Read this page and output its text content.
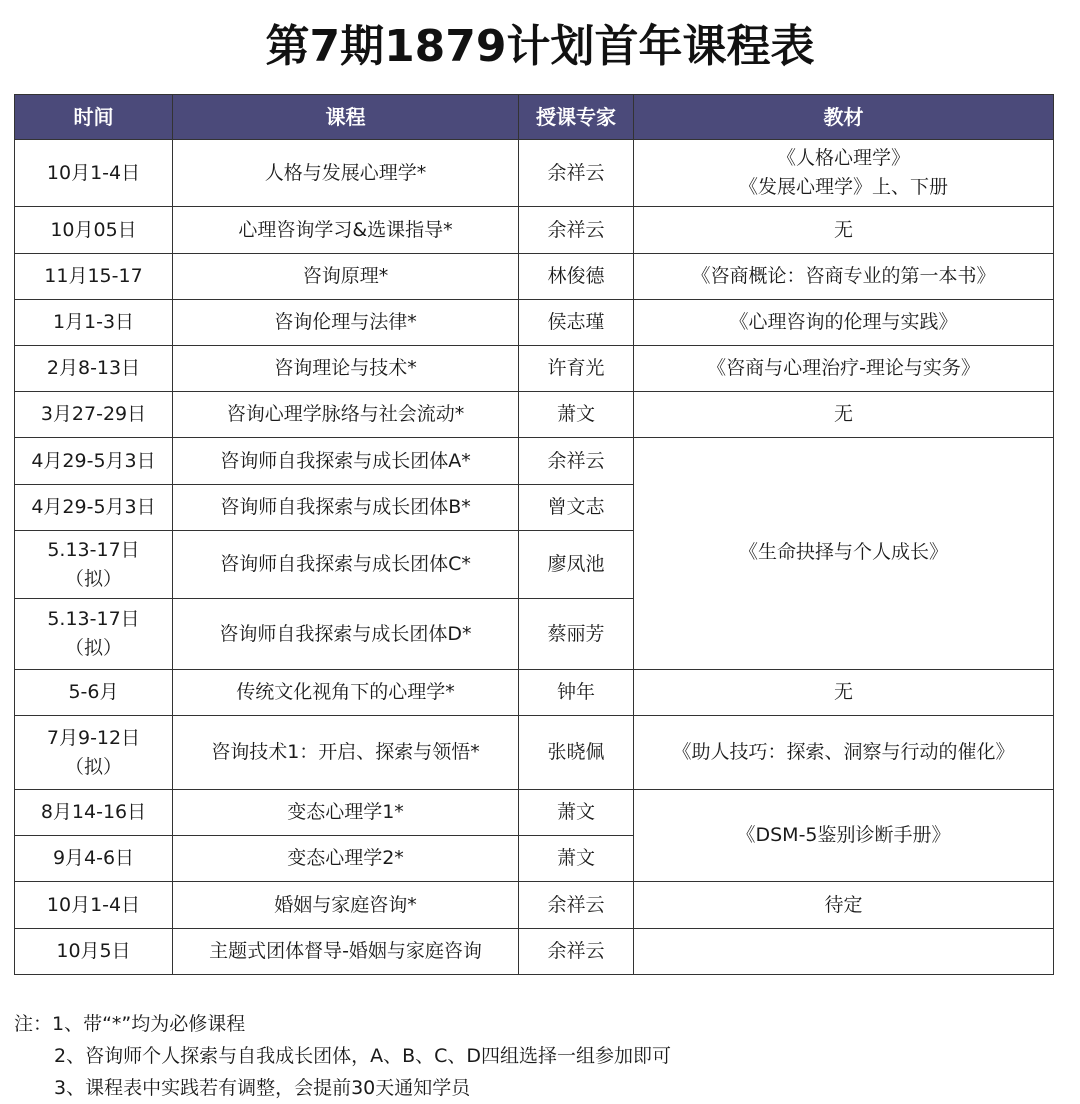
第7期1879计划首年课程表
时间	课程	授课专家	教材
10月1-4日	人格与发展心理学*	余祥云	《人格心理学》
《发展心理学》上、下册

10月05日	心理咨询学习&选课指导*	余祥云	无
11月15-17	咨询原理*	林俊德	《咨商概论：咨商专业的第一本书》
1月1-3日	咨询伦理与法律*	侯志瑾	《心理咨询的伦理与实践》
2月8-13日	咨询理论与技术*	许育光	《咨商与心理治疗-理论与实务》
3月27-29日	咨询心理学脉络与社会流动*	萧文	无
4月29-5月3日	咨询师自我探索与成长团体A*	余祥云	《生命抉择与个人成长》
4月29-5月3日	咨询师自我探索与成长团体B*	曾文志	

5.13-17日
（拟）	咨询师自我探索与成长团体C*	廖凤池	

5.13-17日
（拟）	咨询师自我探索与成长团体D*	蔡丽芳	
5-6月	传统文化视角下的心理学*	钟年	无

7月9-12日
（拟）	咨询技术1：开启、探索与领悟*	张晓佩	《助人技巧：探索、洞察与行动的催化》
8月14-16日	变态心理学1*	萧文	《DSM-5鉴别诊断手册》
9月4-6日	变态心理学2*	萧文	
10月1-4日	婚姻与家庭咨询*	余祥云	待定
10月5日	主题式团体督导-婚姻与家庭咨询	余祥云	
注：1、带“*”均为必修课程
2、咨询师个人探索与自我成长团体，A、B、C、D四组选择一组参加即可
3、课程表中实践若有调整，会提前30天通知学员
